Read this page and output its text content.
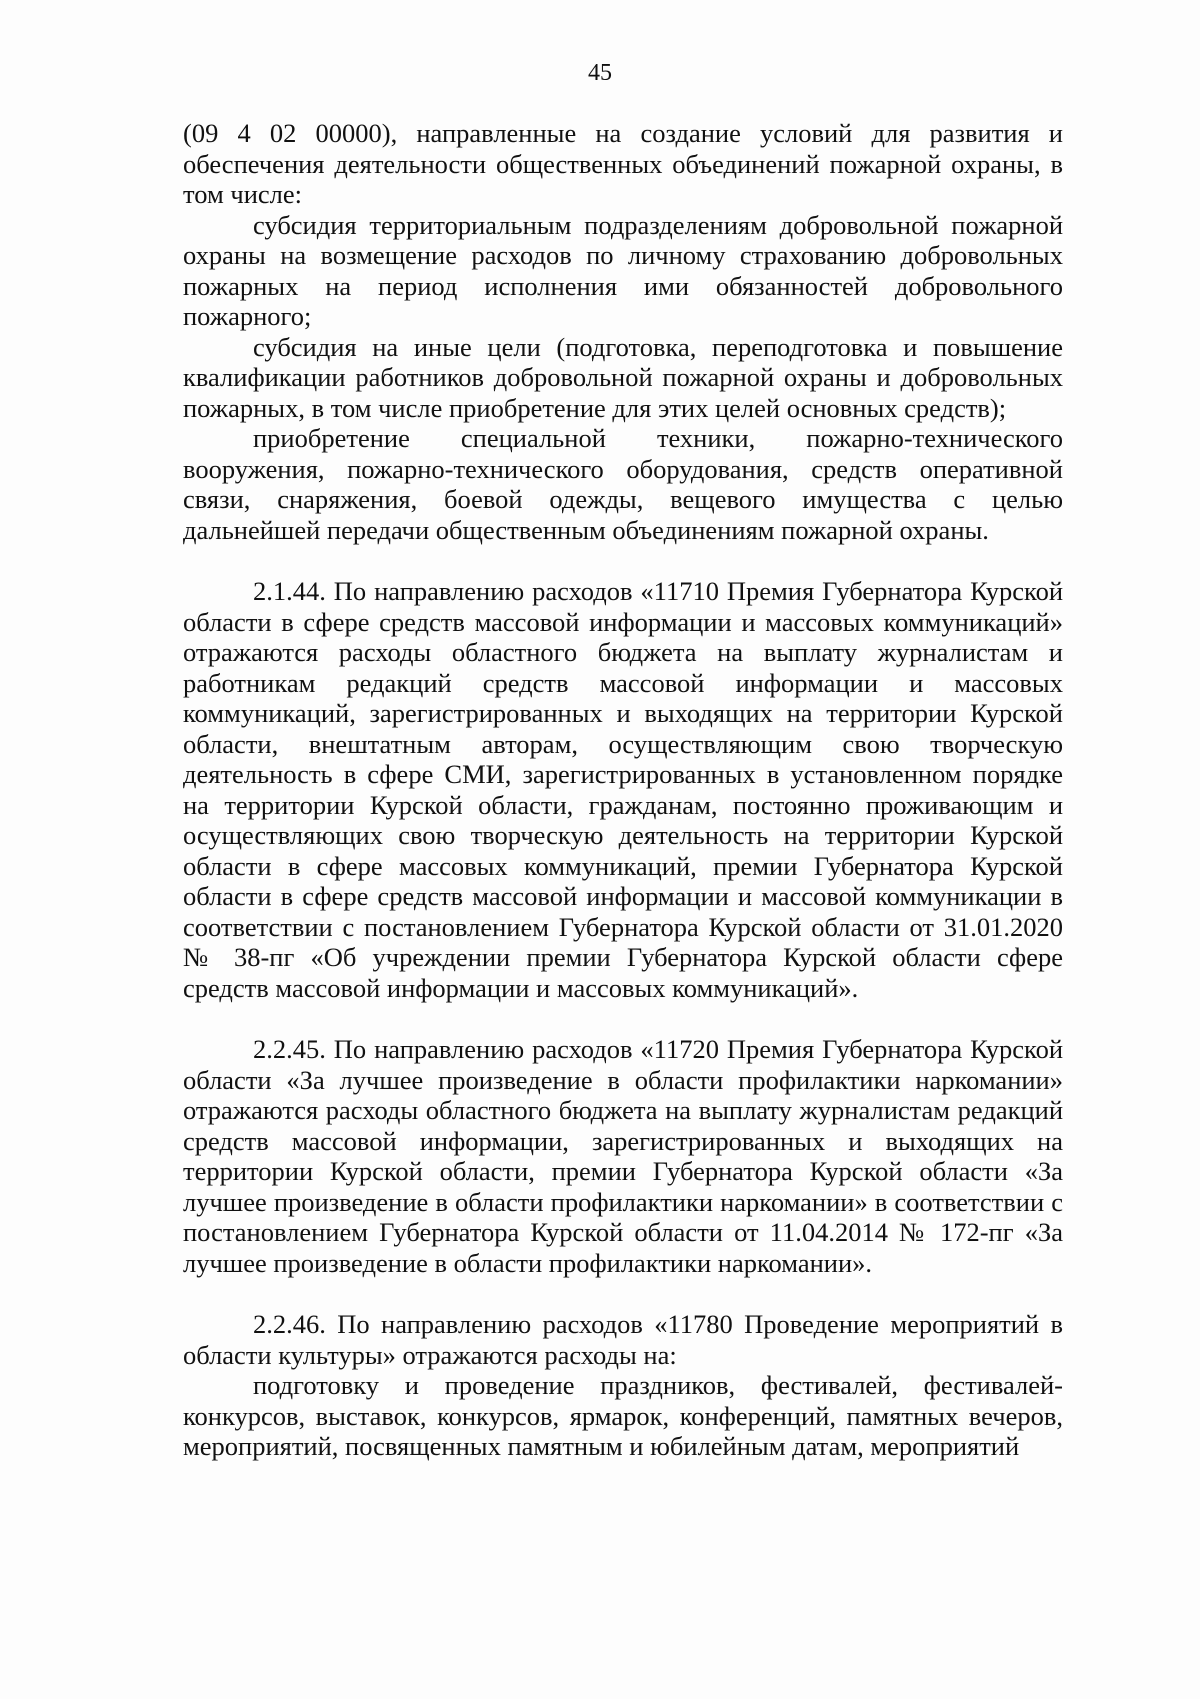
45

(09 4 02 00000), направленные на создание условий для развития и обеспечения деятельности общественных объединений пожарной охраны, в том числе:

субсидия территориальным подразделениям добровольной пожарной охраны на возмещение расходов по личному страхованию добровольных пожарных на период исполнения ими обязанностей добровольного пожарного;

субсидия на иные цели (подготовка, переподготовка и повышение квалификации работников добровольной пожарной охраны и добровольных пожарных, в том числе приобретение для этих целей основных средств);

приобретение специальной техники, пожарно-технического вооружения, пожарно-технического оборудования, средств оперативной связи, снаряжения, боевой одежды, вещевого имущества с целью дальнейшей передачи общественным объединениям пожарной охраны.

2.1.44. По направлению расходов «11710 Премия Губернатора Курской области в сфере средств массовой информации и массовых коммуникаций» отражаются расходы областного бюджета на выплату журналистам и работникам редакций средств массовой информации и массовых коммуникаций, зарегистрированных и выходящих на территории Курской области, внештатным авторам, осуществляющим свою творческую деятельность в сфере СМИ, зарегистрированных в установленном порядке на территории Курской области, гражданам, постоянно проживающим и осуществляющих свою творческую деятельность на территории Курской области в сфере массовых коммуникаций, премии Губернатора Курской области в сфере средств массовой информации и массовой коммуникации в соответствии с постановлением Губернатора Курской области от 31.01.2020 № 38-пг «Об учреждении премии Губернатора Курской области сфере средств массовой информации и массовых коммуникаций».

2.2.45. По направлению расходов «11720 Премия Губернатора Курской области «За лучшее произведение в области профилактики наркомании» отражаются расходы областного бюджета на выплату журналистам редакций средств массовой информации, зарегистрированных и выходящих на территории Курской области, премии Губернатора Курской области «За лучшее произведение в области профилактики наркомании» в соответствии с постановлением Губернатора Курской области от 11.04.2014 № 172-пг «За лучшее произведение в области профилактики наркомании».

2.2.46. По направлению расходов «11780 Проведение мероприятий в области культуры» отражаются расходы на:

подготовку и проведение праздников, фестивалей, фестивалей-конкурсов, выставок, конкурсов, ярмарок, конференций, памятных вечеров, мероприятий, посвященных памятным и юбилейным датам, мероприятий
